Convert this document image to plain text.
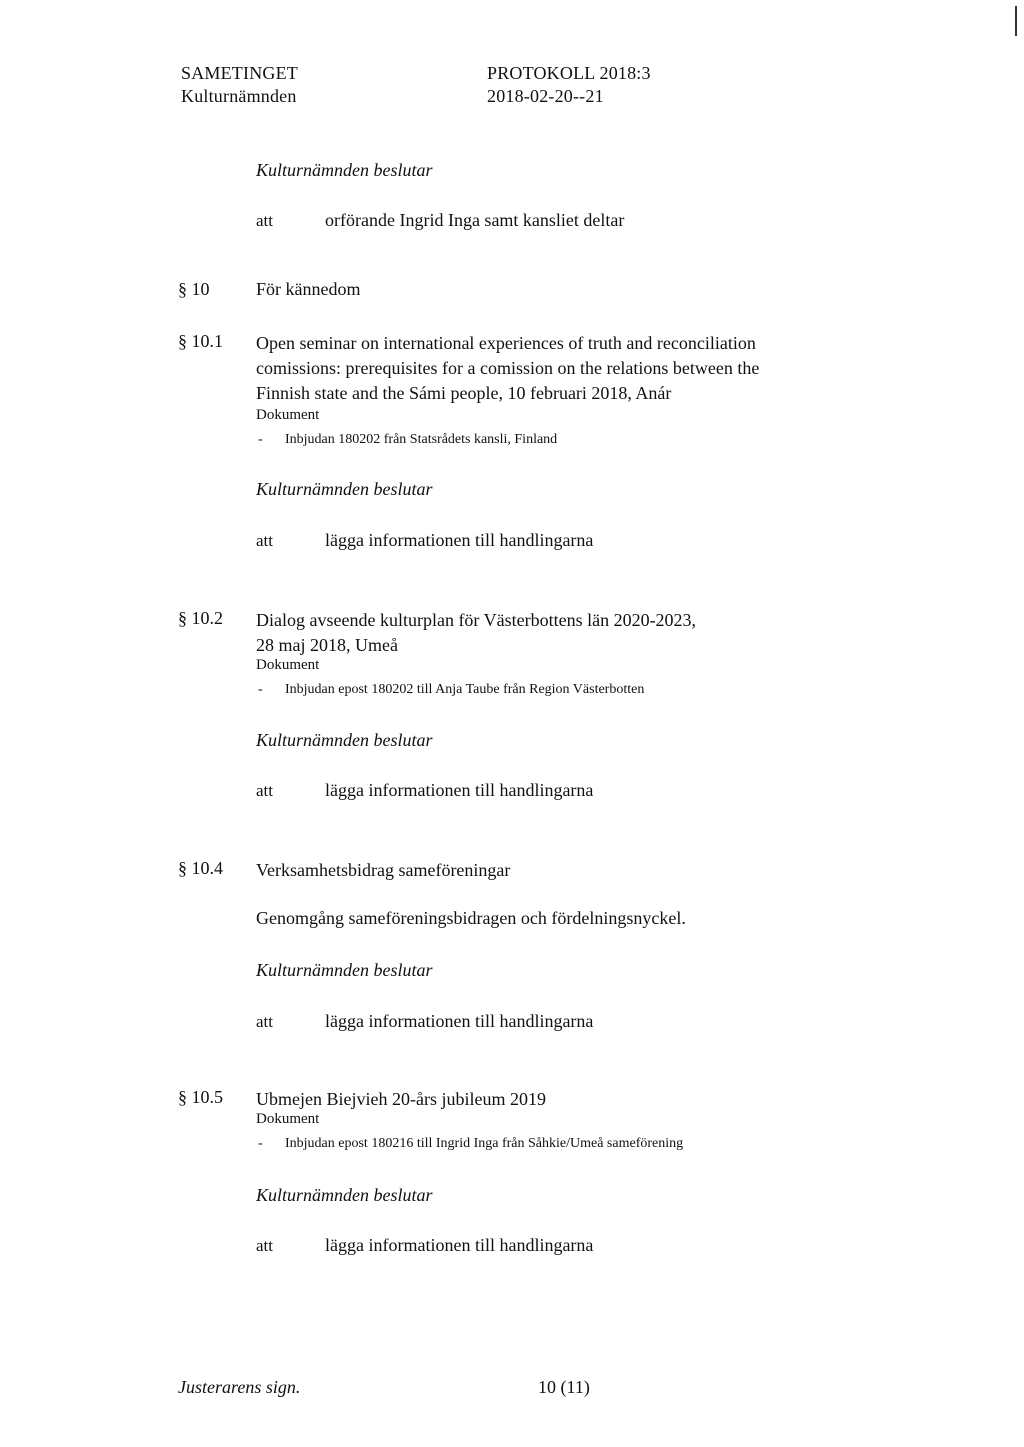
SAMETINGET
Kulturnämnden
PROTOKOLL 2018:3
2018-02-20--21
Kulturnämnden beslutar
att	orförande Ingrid Inga samt kansliet deltar
§ 10	För kännedom
§ 10.1 Open seminar on international experiences of truth and reconciliation
comissions: prerequisites for a comission on the relations between the
Finnish state and the Sámi people, 10 februari 2018, Anár
Dokument
- Inbjudan 180202 från Statsrådets kansli, Finland
Kulturnämnden beslutar
att	lägga informationen till handlingarna
§ 10.2 Dialog avseende kulturplan för Västerbottens län 2020-2023,
28 maj 2018, Umeå
Dokument
- Inbjudan epost 180202 till Anja Taube från Region Västerbotten
Kulturnämnden beslutar
att	lägga informationen till handlingarna
§ 10.4 Verksamhetsbidrag sameföreningar
Genomgång sameföreningsbidragen och fördelningsnyckel.
Kulturnämnden beslutar
att	lägga informationen till handlingarna
§ 10.5 Ubmejen Biejvieh 20-års jubileum 2019
Dokument
- Inbjudan epost 180216 till Ingrid Inga från Såhkie/Umeå sameförening
Kulturnämnden beslutar
att	lägga informationen till handlingarna
Justerarens sign.	10 (11)
